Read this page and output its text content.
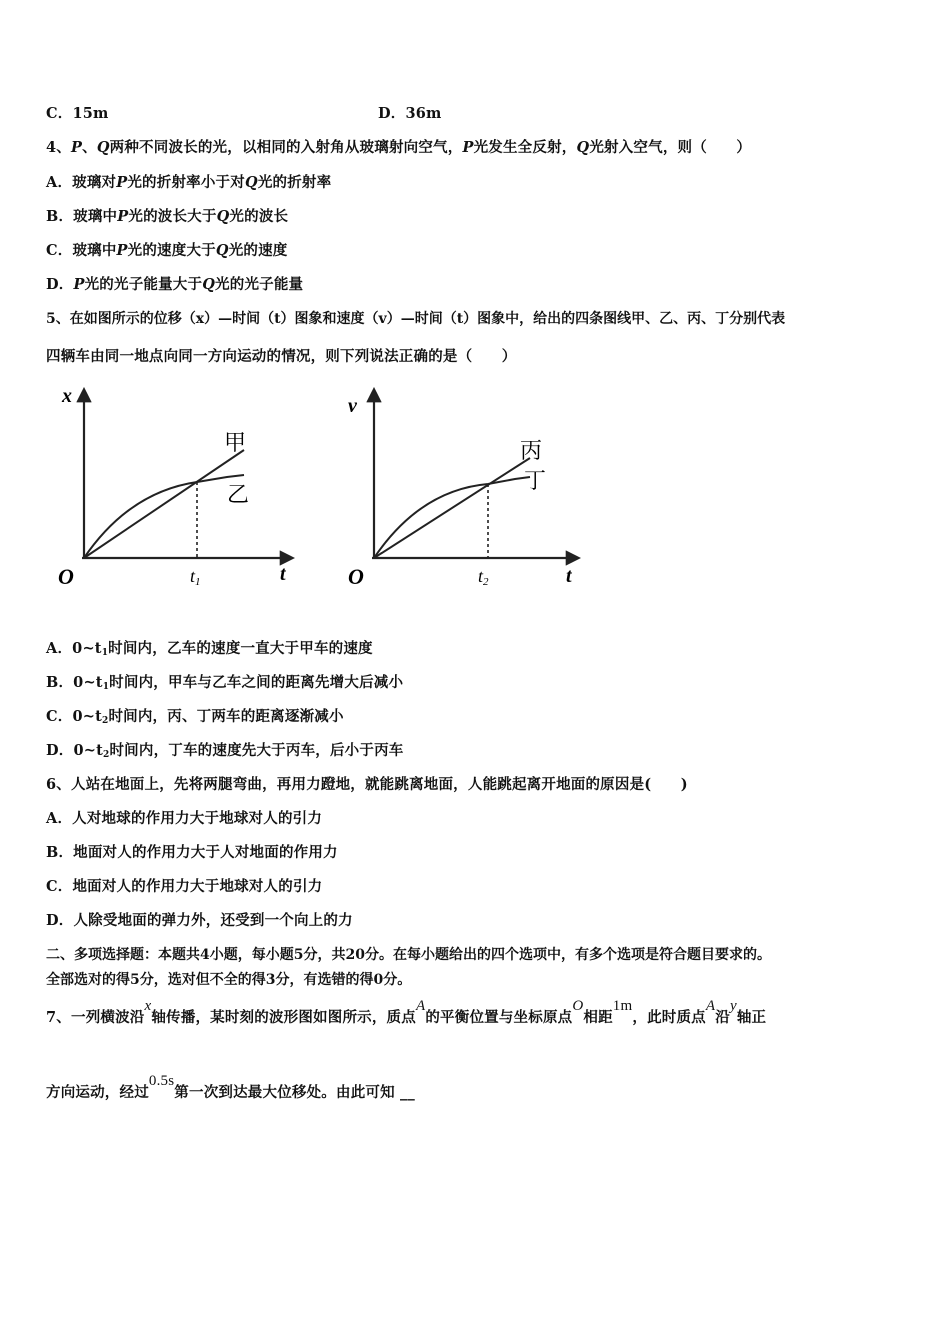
C．15m	D．36m
4、P、Q两种不同波长的光，以相同的入射角从玻璃射向空气，P光发生全反射，Q光射入空气，则（　　）
A．玻璃对P光的折射率小于对Q光的折射率
B．玻璃中P光的波长大于Q光的波长
C．玻璃中P光的速度大于Q光的速度
D．P光的光子能量大于Q光的光子能量
5、在如图所示的位移（x）—时间（t）图象和速度（v）—时间（t）图象中，给出的四条图线甲、乙、丙、丁分别代表
四辆车由同一地点向同一方向运动的情况，则下列说法正确的是（　　）
x
t
O	t1
甲
乙
v
t
O	t2
丙
丁
A．$0\sim t_1$时间内，乙车的速度一直大于甲车的速度
B．$0\sim t_1$时间内，甲车与乙车之间的距离先增大后减小
C．$0\sim t_2$时间内，丙、丁两车的距离逐渐减小
D．$0\sim t_2$时间内，丁车的速度先大于丙车，后小于丙车
6、人站在地面上，先将两腿弯曲，再用力蹬地，就能跳离地面，人能跳起离开地面的原因是(　　)
A．人对地球的作用力大于地球对人的引力
B．地面对人的作用力大于人对地面的作用力
C．地面对人的作用力大于地球对人的引力
D．人除受地面的弹力外，还受到一个向上的力
二、多项选择题：本题共4小题，每小题5分，共20分。在每小题给出的四个选项中，有多个选项是符合题目要求的。
全部选对的得5分，选对但不全的得3分，有选错的得0分。
7、一列横波沿x轴传播，某时刻的波形图如图所示，质点A的平衡位置与坐标原点O相距1m，此时质点A沿y轴正
方向运动，经过0.5s第一次到达最大位移处。由此可知 __
